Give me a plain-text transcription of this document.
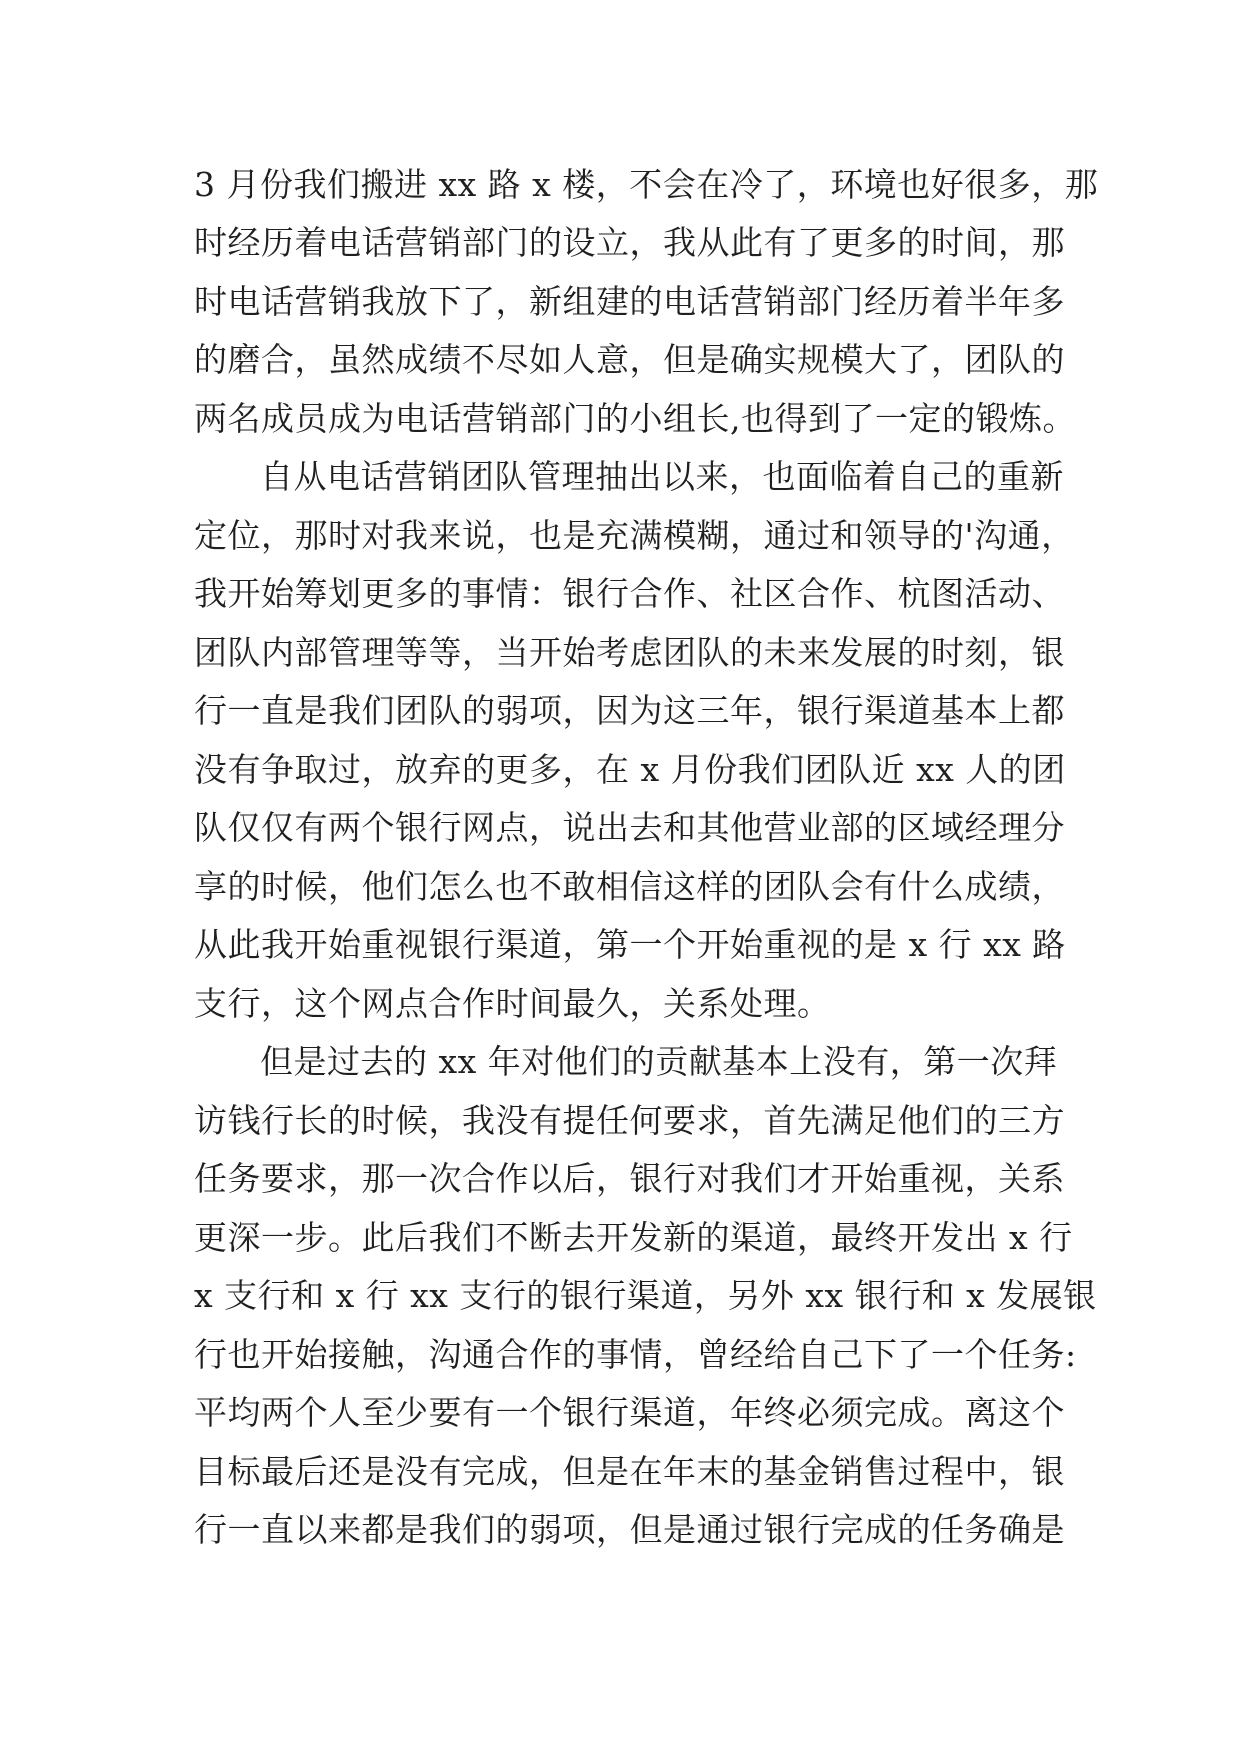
3 月份我们搬进 xx 路 x 楼，不会在冷了，环境也好很多，那

时经历着电话营销部门的设立，我从此有了更多的时间，那

时电话营销我放下了，新组建的电话营销部门经历着半年多

的磨合，虽然成绩不尽如人意，但是确实规模大了，团队的

两名成员成为电话营销部门的小组长,也得到了一定的锻炼。

自从电话营销团队管理抽出以来，也面临着自己的重新

定位，那时对我来说，也是充满模糊，通过和领导的'沟通，

我开始筹划更多的事情：银行合作、社区合作、杭图活动、

团队内部管理等等，当开始考虑团队的未来发展的时刻，银

行一直是我们团队的弱项，因为这三年，银行渠道基本上都

没有争取过，放弃的更多，在 x 月份我们团队近 xx 人的团

队仅仅有两个银行网点，说出去和其他营业部的区域经理分

享的时候，他们怎么也不敢相信这样的团队会有什么成绩，

从此我开始重视银行渠道，第一个开始重视的是 x 行 xx 路

支行，这个网点合作时间最久，关系处理。

但是过去的 xx 年对他们的贡献基本上没有，第一次拜

访钱行长的时候，我没有提任何要求，首先满足他们的三方

任务要求，那一次合作以后，银行对我们才开始重视，关系

更深一步。此后我们不断去开发新的渠道，最终开发出 x 行

x 支行和 x 行 xx 支行的银行渠道，另外 xx 银行和 x 发展银

行也开始接触，沟通合作的事情，曾经给自己下了一个任务:

平均两个人至少要有一个银行渠道，年终必须完成。离这个

目标最后还是没有完成，但是在年末的基金销售过程中，银

行一直以来都是我们的弱项，但是通过银行完成的任务确是
